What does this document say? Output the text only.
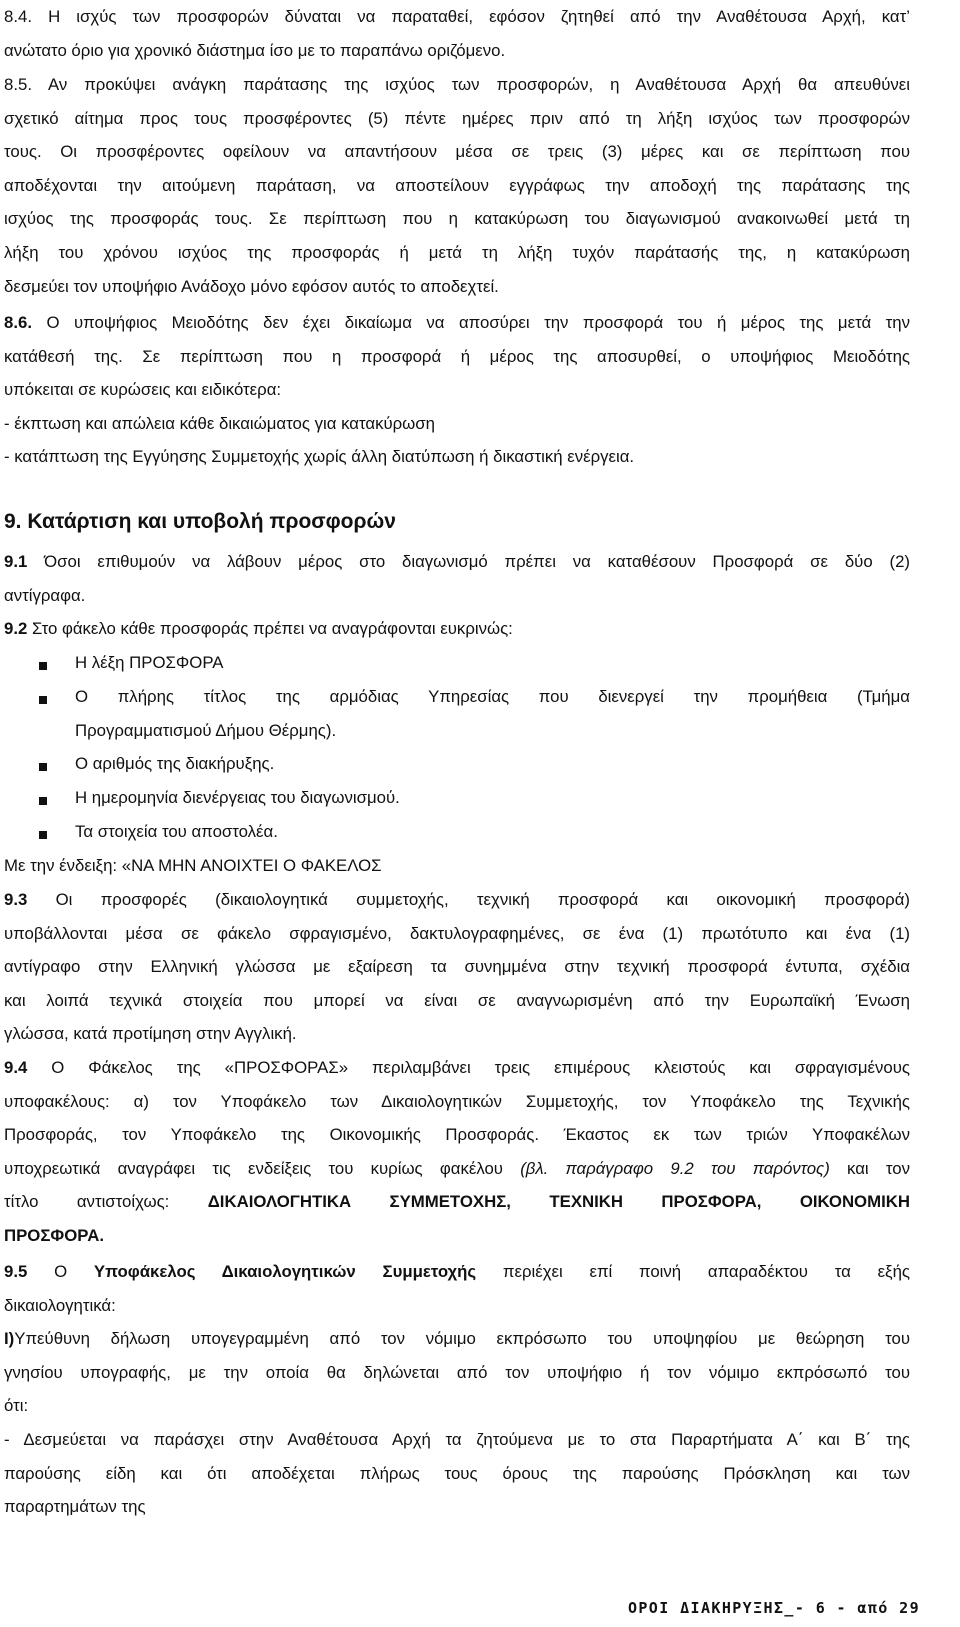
8.4. Η ισχύς των προσφορών δύναται να παραταθεί, εφόσον ζητηθεί από την Αναθέτουσα Αρχή, κατ’
ανώτατο όριο για χρονικό διάστημα ίσο με το παραπάνω οριζόμενο.
8.5. Αν προκύψει ανάγκη παράτασης της ισχύος των προσφορών, η Αναθέτουσα Αρχή θα απευθύνει
σχετικό αίτημα προς τους προσφέροντες (5) πέντε ημέρες πριν από τη λήξη ισχύος των προσφορών
τους. Οι προσφέροντες οφείλουν να απαντήσουν μέσα σε τρεις (3) μέρες και σε περίπτωση που
αποδέχονται την αιτούμενη παράταση, να αποστείλουν εγγράφως την αποδοχή της παράτασης της
ισχύος της προσφοράς τους. Σε περίπτωση που η κατακύρωση του διαγωνισμού ανακοινωθεί μετά τη
λήξη του χρόνου ισχύος της προσφοράς ή μετά τη λήξη τυχόν παράτασής της, η κατακύρωση
δεσμεύει τον υποψήφιο Ανάδοχο μόνο εφόσον αυτός το αποδεχτεί.
8.6. Ο υποψήφιος Μειοδότης δεν έχει δικαίωμα να αποσύρει την προσφορά του ή μέρος της μετά την
κατάθεσή της. Σε περίπτωση που η προσφορά ή μέρος της αποσυρθεί, ο υποψήφιος Μειοδότης
υπόκειται σε κυρώσεις και ειδικότερα:
- έκπτωση και απώλεια κάθε δικαιώματος για κατακύρωση
- κατάπτωση της Εγγύησης Συμμετοχής χωρίς άλλη διατύπωση ή δικαστική ενέργεια.
9. Κατάρτιση και υποβολή προσφορών
9.1 Όσοι επιθυμούν να λάβουν μέρος στο διαγωνισμό πρέπει να καταθέσουν Προσφορά σε δύο (2)
αντίγραφα.
9.2 Στο φάκελο κάθε προσφοράς πρέπει να αναγράφονται ευκρινώς:
Η λέξη ΠΡΟΣΦΟΡΑ
Ο πλήρης τίτλος της αρμόδιας Υπηρεσίας που διενεργεί την προμήθεια (Τμήμα
Προγραμματισμού Δήμου Θέρμης).
Ο αριθμός της διακήρυξης.
Η ημερομηνία διενέργειας του διαγωνισμού.
Τα στοιχεία του αποστολέα.
Με την ένδειξη: «ΝΑ ΜΗΝ ΑΝΟΙΧΤΕΙ Ο ΦΑΚΕΛΟΣ
9.3 Οι προσφορές (δικαιολογητικά συμμετοχής, τεχνική προσφορά και οικονομική προσφορά)
υποβάλλονται μέσα σε φάκελο σφραγισμένο, δακτυλογραφημένες, σε ένα (1) πρωτότυπο και ένα (1)
αντίγραφο στην Ελληνική γλώσσα με εξαίρεση τα συνημμένα στην τεχνική προσφορά έντυπα, σχέδια
και λοιπά τεχνικά στοιχεία που μπορεί να είναι σε αναγνωρισμένη από την Ευρωπαϊκή Ένωση
γλώσσα, κατά προτίμηση στην Αγγλική.
9.4 Ο Φάκελος της «ΠΡΟΣΦΟΡΑΣ» περιλαμβάνει τρεις επιμέρους κλειστούς και σφραγισμένους
υποφακέλους: α) τον Υποφάκελο των Δικαιολογητικών Συμμετοχής, τον Υποφάκελο της Τεχνικής
Προσφοράς, τον Υποφάκελο της Οικονομικής Προσφοράς. Έκαστος εκ των τριών Υποφακέλων
υποχρεωτικά αναγράφει τις ενδείξεις του κυρίως φακέλου (βλ. παράγραφο 9.2 του παρόντος) και τον
τίτλο αντιστοίχως: ΔΙΚΑΙΟΛΟΓΗΤΙΚΑ ΣΥΜΜΕΤΟΧΗΣ, ΤΕΧΝΙΚΗ ΠΡΟΣΦΟΡΑ, ΟΙΚΟΝΟΜΙΚΗ
ΠΡΟΣΦΟΡΑ.
9.5 Ο Υποφάκελος Δικαιολογητικών Συμμετοχής περιέχει επί ποινή απαραδέκτου τα εξής
δικαιολογητικά:
Ι)Υπεύθυνη δήλωση υπογεγραμμένη από τον νόμιμο εκπρόσωπο του υποψηφίου με θεώρηση του
γνησίου υπογραφής, με την οποία θα δηλώνεται από τον υποψήφιο ή τον νόμιμο εκπρόσωπό του
ότι:
- Δεσμεύεται να παράσχει στην Αναθέτουσα Αρχή τα ζητούμενα με το στα Παραρτήματα Α΄ και Β΄ της
παρούσης είδη και ότι αποδέχεται πλήρως τους όρους της παρούσης Πρόσκληση και των
παραρτημάτων της
ΟΡΟΙ ΔΙΑΚΗΡΥΞΗΣ_- 6 - από 29
